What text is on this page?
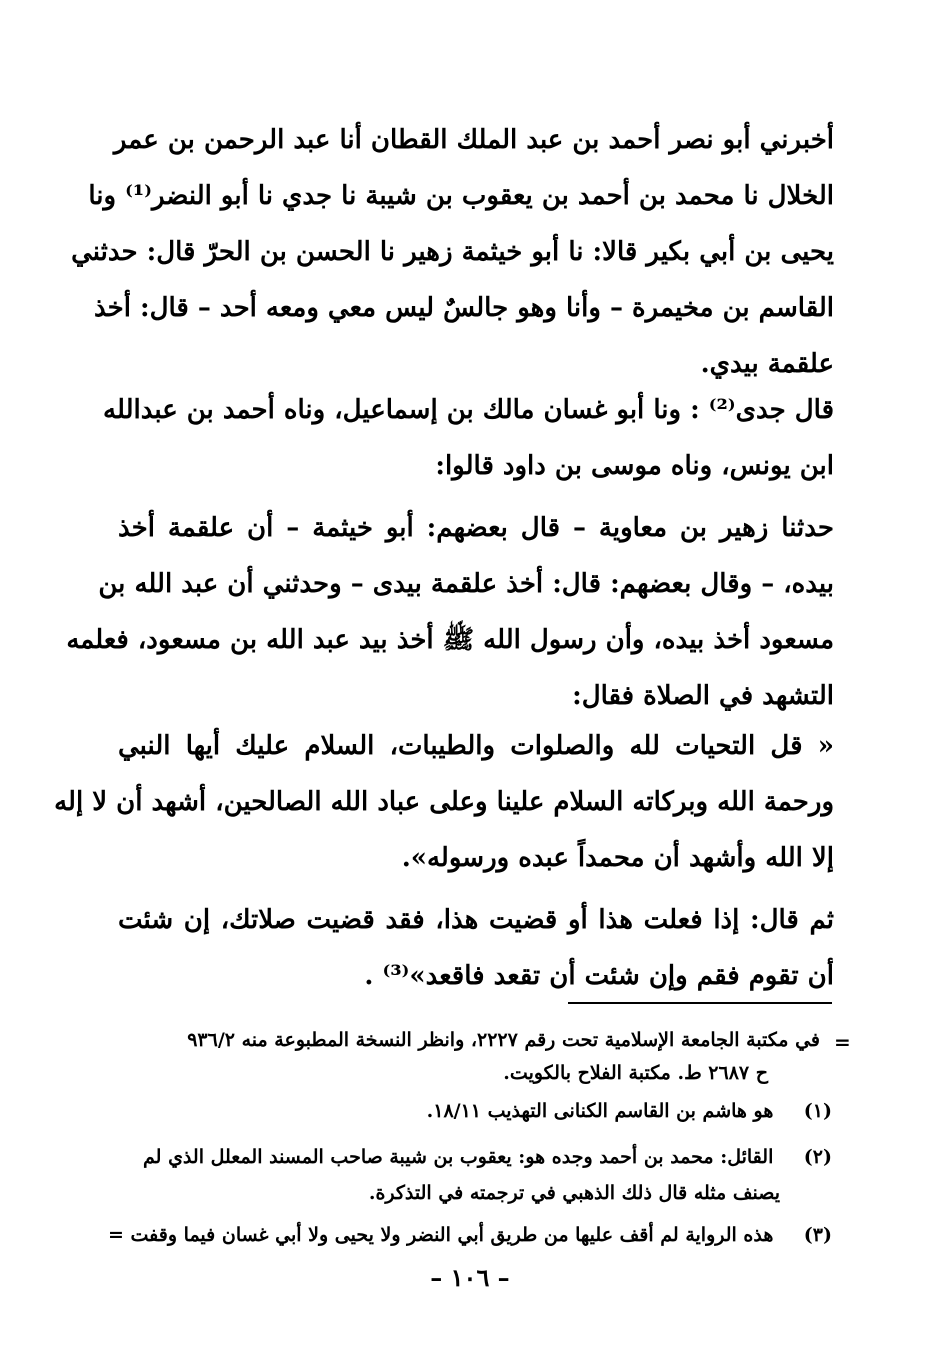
أخبرني أبو نصر أحمد بن عبد الملك القطان أنا عبد الرحمن بن عمر
الخلال نا محمد بن أحمد بن يعقوب بن شيبة نا جدي نا أبو النضر⁽¹⁾ ونا
يحيى بن أبي بكير قالا: نا أبو خيثمة زهير نا الحسن بن الحرّ قال: حدثني
القاسم بن مخيمرة – وأنا وهو جالسٌ ليس معي ومعه أحد – قال: أخذ
علقمة بيدي.
قال جدى⁽²⁾ : ونا أبو غسان مالك بن إسماعيل، وناه أحمد بن عبدالله
ابن يونس، وناه موسى بن داود قالوا:
حدثنا زهير بن معاوية – قال بعضهم: أبو خيثمة – أن علقمة أخذ
بيده، – وقال بعضهم: قال: أخذ علقمة بيدى – وحدثني أن عبد الله بن
مسعود أخذ بيده، وأن رسول الله ﷺ أخذ بيد عبد الله بن مسعود، فعلمه
التشهد في الصلاة فقال:
« قل التحيات لله والصلوات والطيبات، السلام عليك أيها النبي
ورحمة الله وبركاته السلام علينا وعلى عباد الله الصالحين، أشهد أن لا إله
إلا الله وأشهد أن محمداً عبده ورسوله».
ثم قال: إذا فعلت هذا أو قضيت هذا، فقد قضيت صلاتك، إن شئت
أن تقوم فقم وإن شئت أن تقعد فاقعد»⁽³⁾ .
=
في مكتبة الجامعة الإسلامية تحت رقم ٢٢٢٧، وانظر النسخة المطبوعة منه ٩٣٦/٢
ح ٢٦٨٧ ط. مكتبة الفلاح بالكويت.
(١) هو هاشم بن القاسم الكنانى التهذيب ١٨/١١.
(٢) القائل: محمد بن أحمد وجده هو: يعقوب بن شيبة صاحب المسند المعلل الذي لم
يصنف مثله قال ذلك الذهبي في ترجمته في التذكرة.
(٣) هذه الرواية لم أقف عليها من طريق أبي النضر ولا يحيى ولا أبي غسان فيما وقفت =
– ١٠٦ –
